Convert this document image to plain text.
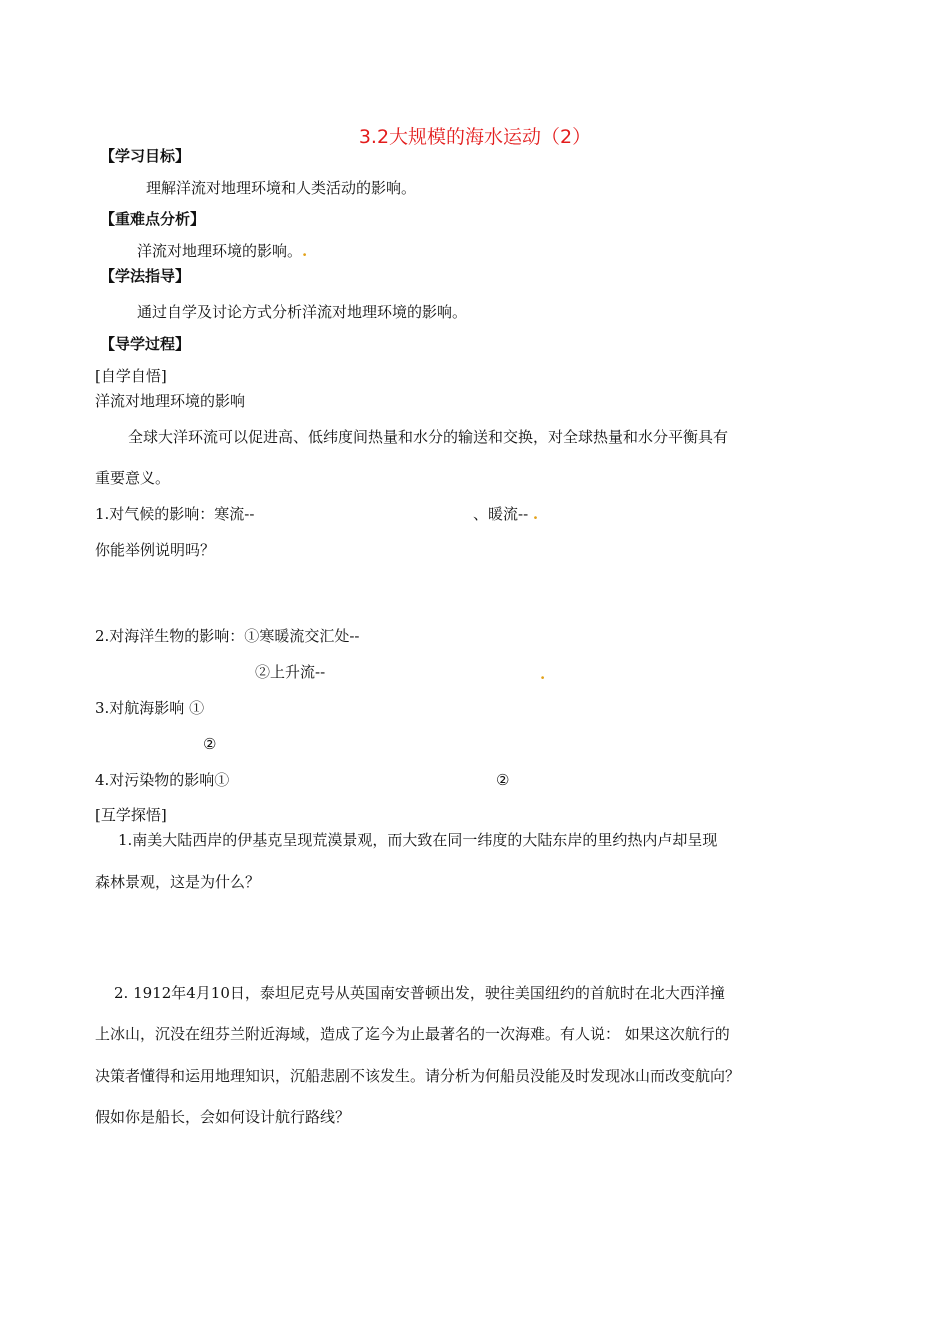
3.2大规模的海水运动（2）
【学习目标】
理解洋流对地理环境和人类活动的影响。
【重难点分析】
洋流对地理环境的影响。.
【学法指导】
通过自学及讨论方式分析洋流对地理环境的影响。
【导学过程】
[自学自悟]
洋流对地理环境的影响
全球大洋环流可以促进高、低纬度间热量和水分的输送和交换，对全球热量和水分平衡具有
重要意义。
1.对气候的影响：寒流--	、暖流-- .
你能举例说明吗？
2.对海洋生物的影响：①寒暖流交汇处--
②上升流--	.
3.对航海影响 ①
②
4.对污染物的影响①	②
[互学探悟]
1.南美大陆西岸的伊基克呈现荒漠景观，而大致在同一纬度的大陆东岸的里约热内卢却呈现
森林景观，这是为什么？
2. 1912年4月10日，泰坦尼克号从英国南安普顿出发，驶往美国纽约的首航时在北大西洋撞
上冰山，沉没在纽芬兰附近海域，造成了迄今为止最著名的一次海难。有人说： 如果这次航行的
决策者懂得和运用地理知识，沉船悲剧不该发生。请分析为何船员没能及时发现冰山而改变航向？
假如你是船长，会如何设计航行路线？
